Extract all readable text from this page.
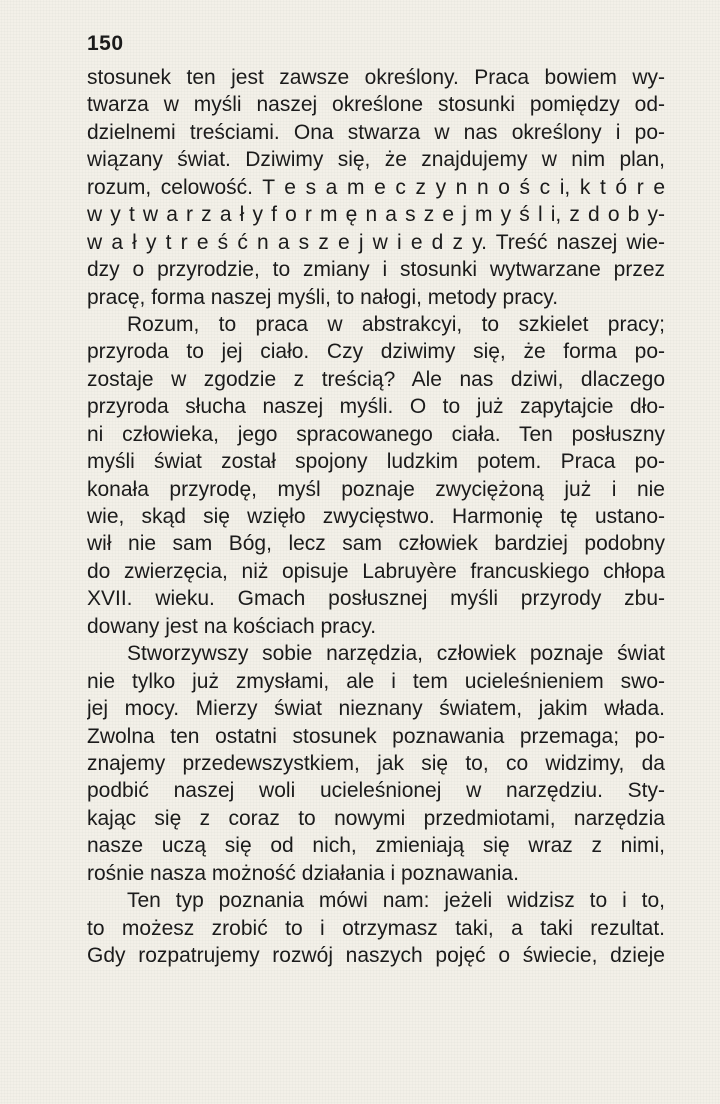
150
stosunek ten jest zawsze określony. Praca bowiem wy-
twarza w myśli naszej określone stosunki pomiędzy od-
dzielnemi treściami. Ona stwarza w nas określony i po-
wiązany świat. Dziwimy się, że znajdujemy w nim plan,
rozum, celowość. T e s a m e c z y n n o ś c i, k t ó r e
w y t w a r z a ł y f o r m ę n a s z e j m y ś l i, z d o b y-
w a ł y t r e ś ć n a s z e j w i e d z y. Treść naszej wie-
dzy o przyrodzie, to zmiany i stosunki wytwarzane przez
pracę, forma naszej myśli, to nałogi, metody pracy.
Rozum, to praca w abstrakcyi, to szkielet pracy;
przyroda to jej ciało. Czy dziwimy się, że forma po-
zostaje w zgodzie z treścią? Ale nas dziwi, dlaczego
przyroda słucha naszej myśli. O to już zapytajcie dło-
ni człowieka, jego spracowanego ciała. Ten posłuszny
myśli świat został spojony ludzkim potem. Praca po-
konała przyrodę, myśl poznaje zwyciężoną już i nie
wie, skąd się wzięło zwycięstwo. Harmonię tę ustano-
wił nie sam Bóg, lecz sam człowiek bardziej podobny
do zwierzęcia, niż opisuje Labruyère francuskiego chłopa
XVII. wieku. Gmach posłusznej myśli przyrody zbu-
dowany jest na kościach pracy.
Stworzywszy sobie narzędzia, człowiek poznaje świat
nie tylko już zmysłami, ale i tem ucieleśnieniem swo-
jej mocy. Mierzy świat nieznany światem, jakim włada.
Zwolna ten ostatni stosunek poznawania przemaga; po-
znajemy przedewszystkiem, jak się to, co widzimy, da
podbić naszej woli ucieleśnionej w narzędziu. Sty-
kając się z coraz to nowymi przedmiotami, narzędzia
nasze uczą się od nich, zmieniają się wraz z nimi,
rośnie nasza możność działania i poznawania.
Ten typ poznania mówi nam: jeżeli widzisz to i to,
to możesz zrobić to i otrzymasz taki, a taki rezultat.
Gdy rozpatrujemy rozwój naszych pojęć o świecie, dzieje
